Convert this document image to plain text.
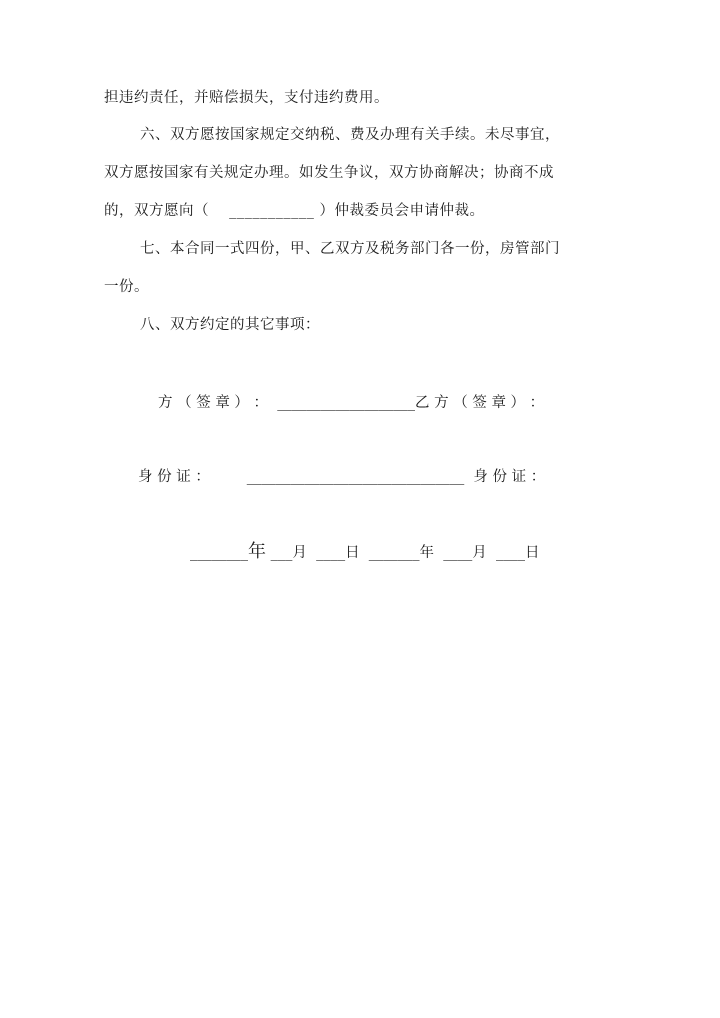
担违约责任，并赔偿损失，支付违约费用。
六、双方愿按国家规定交纳税、费及办理有关手续。未尽事宜，
双方愿按国家有关规定办理。如发生争议，双方协商解决；协商不成
的，双方愿向（　 ___________ ）仲裁委员会申请仲裁。
七、本合同一式四份，甲、乙双方及税务部门各一份，房管部门
一份。
八、双方约定的其它事项：
方 （ 签 章 ） ：  ___________________乙 方 （ 签 章 ） ：
身 份 证 ：        ______________________________  身 份 证 ：
________年 ___月  ____日  _______年  ____月  ____日
